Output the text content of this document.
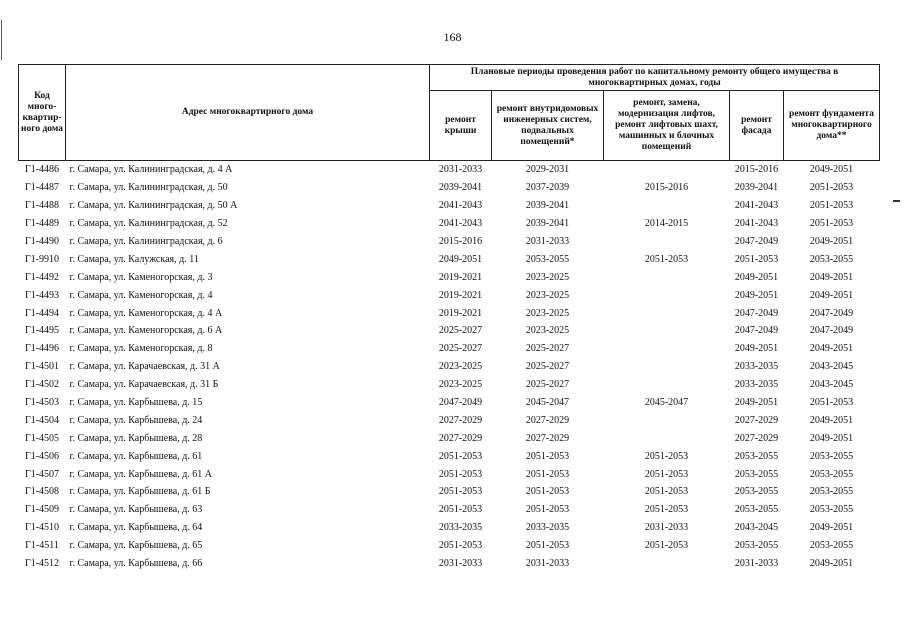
168
Код много-квартир-ного дома	Адрес многоквартирного дома	Плановые периоды проведения работ по капитальному ремонту общего имущества в многоквартирных домах, годы				
		ремонт крыши	ремонт внутридомовых инженерных систем, подвальных помещений*	ремонт, замена, модернизация лифтов, ремонт лифтовых шахт, машинных и блочных помещений	ремонт фасада	ремонт фундамента многоквартирного дома**
Г1-4486	г. Самара, ул. Калининградская, д. 4 А	2031-2033	2029-2031		2015-2016	2049-2051
Г1-4487	г. Самара, ул. Калининградская, д. 50	2039-2041	2037-2039	2015-2016	2039-2041	2051-2053
Г1-4488	г. Самара, ул. Калининградская, д. 50 А	2041-2043	2039-2041		2041-2043	2051-2053
Г1-4489	г. Самара, ул. Калининградская, д. 52	2041-2043	2039-2041	2014-2015	2041-2043	2051-2053
Г1-4490	г. Самара, ул. Калининградская, д. 6	2015-2016	2031-2033		2047-2049	2049-2051
Г1-9910	г. Самара, ул. Калужская, д. 11	2049-2051	2053-2055	2051-2053	2051-2053	2053-2055
Г1-4492	г. Самара, ул. Каменогорская, д. 3	2019-2021	2023-2025		2049-2051	2049-2051
Г1-4493	г. Самара, ул. Каменогорская, д. 4	2019-2021	2023-2025		2049-2051	2049-2051
Г1-4494	г. Самара, ул. Каменогорская, д. 4 А	2019-2021	2023-2025		2047-2049	2047-2049
Г1-4495	г. Самара, ул. Каменогорская, д. 6 А	2025-2027	2023-2025		2047-2049	2047-2049
Г1-4496	г. Самара, ул. Каменогорская, д. 8	2025-2027	2025-2027		2049-2051	2049-2051
Г1-4501	г. Самара, ул. Карачаевская, д. 31 А	2023-2025	2025-2027		2033-2035	2043-2045
Г1-4502	г. Самара, ул. Карачаевская, д. 31 Б	2023-2025	2025-2027		2033-2035	2043-2045
Г1-4503	г. Самара, ул. Карбышева, д. 15	2047-2049	2045-2047	2045-2047	2049-2051	2051-2053
Г1-4504	г. Самара, ул. Карбышева, д. 24	2027-2029	2027-2029		2027-2029	2049-2051
Г1-4505	г. Самара, ул. Карбышева, д. 28	2027-2029	2027-2029		2027-2029	2049-2051
Г1-4506	г. Самара, ул. Карбышева, д. 61	2051-2053	2051-2053	2051-2053	2053-2055	2053-2055
Г1-4507	г. Самара, ул. Карбышева, д. 61 А	2051-2053	2051-2053	2051-2053	2053-2055	2053-2055
Г1-4508	г. Самара, ул. Карбышева, д. 61 Б	2051-2053	2051-2053	2051-2053	2053-2055	2053-2055
Г1-4509	г. Самара, ул. Карбышева, д. 63	2051-2053	2051-2053	2051-2053	2053-2055	2053-2055
Г1-4510	г. Самара, ул. Карбышева, д. 64	2033-2035	2033-2035	2031-2033	2043-2045	2049-2051
Г1-4511	г. Самара, ул. Карбышева, д. 65	2051-2053	2051-2053	2051-2053	2053-2055	2053-2055
Г1-4512	г. Самара, ул. Карбышева, д. 66	2031-2033	2031-2033		2031-2033	2049-2051
